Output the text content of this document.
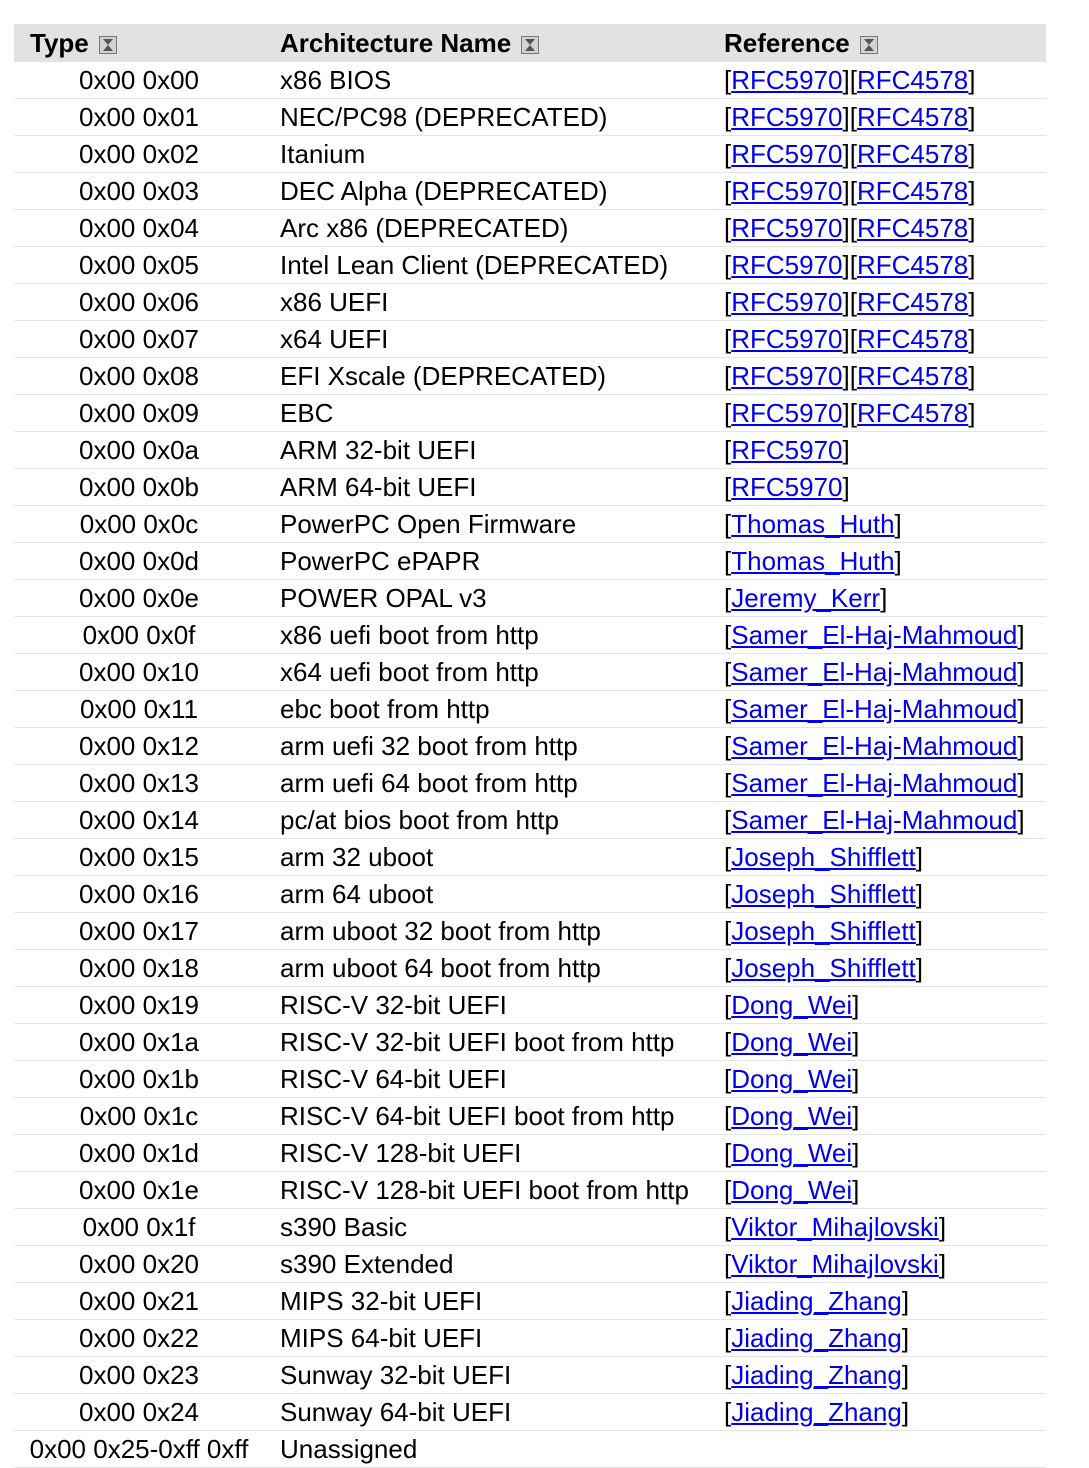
Type	Architecture Name	Reference
0x00 0x00	x86 BIOS	[RFC5970][RFC4578]
0x00 0x01	NEC/PC98 (DEPRECATED)	[RFC5970][RFC4578]
0x00 0x02	Itanium	[RFC5970][RFC4578]
0x00 0x03	DEC Alpha (DEPRECATED)	[RFC5970][RFC4578]
0x00 0x04	Arc x86 (DEPRECATED)	[RFC5970][RFC4578]
0x00 0x05	Intel Lean Client (DEPRECATED)	[RFC5970][RFC4578]
0x00 0x06	x86 UEFI	[RFC5970][RFC4578]
0x00 0x07	x64 UEFI	[RFC5970][RFC4578]
0x00 0x08	EFI Xscale (DEPRECATED)	[RFC5970][RFC4578]
0x00 0x09	EBC	[RFC5970][RFC4578]
0x00 0x0a	ARM 32-bit UEFI	[RFC5970]
0x00 0x0b	ARM 64-bit UEFI	[RFC5970]
0x00 0x0c	PowerPC Open Firmware	[Thomas_Huth]
0x00 0x0d	PowerPC ePAPR	[Thomas_Huth]
0x00 0x0e	POWER OPAL v3	[Jeremy_Kerr]
0x00 0x0f	x86 uefi boot from http	[Samer_El-Haj-Mahmoud]
0x00 0x10	x64 uefi boot from http	[Samer_El-Haj-Mahmoud]
0x00 0x11	ebc boot from http	[Samer_El-Haj-Mahmoud]
0x00 0x12	arm uefi 32 boot from http	[Samer_El-Haj-Mahmoud]
0x00 0x13	arm uefi 64 boot from http	[Samer_El-Haj-Mahmoud]
0x00 0x14	pc/at bios boot from http	[Samer_El-Haj-Mahmoud]
0x00 0x15	arm 32 uboot	[Joseph_Shifflett]
0x00 0x16	arm 64 uboot	[Joseph_Shifflett]
0x00 0x17	arm uboot 32 boot from http	[Joseph_Shifflett]
0x00 0x18	arm uboot 64 boot from http	[Joseph_Shifflett]
0x00 0x19	RISC-V 32-bit UEFI	[Dong_Wei]
0x00 0x1a	RISC-V 32-bit UEFI boot from http	[Dong_Wei]
0x00 0x1b	RISC-V 64-bit UEFI	[Dong_Wei]
0x00 0x1c	RISC-V 64-bit UEFI boot from http	[Dong_Wei]
0x00 0x1d	RISC-V 128-bit UEFI	[Dong_Wei]
0x00 0x1e	RISC-V 128-bit UEFI boot from http	[Dong_Wei]
0x00 0x1f	s390 Basic	[Viktor_Mihajlovski]
0x00 0x20	s390 Extended	[Viktor_Mihajlovski]
0x00 0x21	MIPS 32-bit UEFI	[Jiading_Zhang]
0x00 0x22	MIPS 64-bit UEFI	[Jiading_Zhang]
0x00 0x23	Sunway 32-bit UEFI	[Jiading_Zhang]
0x00 0x24	Sunway 64-bit UEFI	[Jiading_Zhang]
0x00 0x25-0xff 0xff	Unassigned	
